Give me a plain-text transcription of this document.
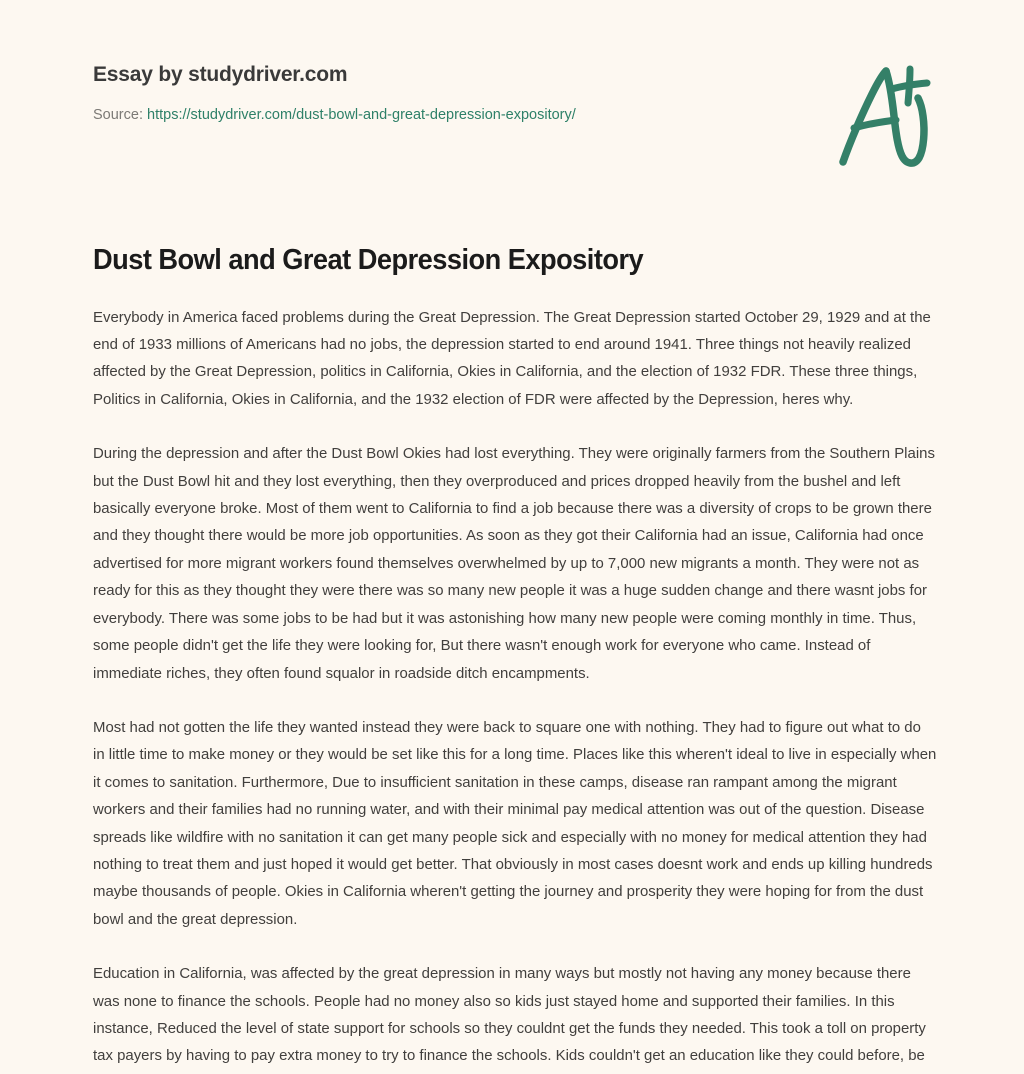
Essay by studydriver.com
Source: https://studydriver.com/dust-bowl-and-great-depression-expository/
Dust Bowl and Great Depression Expository

Everybody in America faced problems during the Great Depression. The Great Depression started October 29, 1929 and at the end of 1933 millions of Americans had no jobs, the depression started to end around 1941. Three things not heavily realized affected by the Great Depression, politics in California, Okies in California, and the election of 1932 FDR. These three things, Politics in California, Okies in California, and the 1932 election of FDR were affected by the Depression, heres why.

During the depression and after the Dust Bowl Okies had lost everything. They were originally farmers from the Southern Plains but the Dust Bowl hit and they lost everything, then they overproduced and prices dropped heavily from the bushel and left basically everyone broke. Most of them went to California to find a job because there was a diversity of crops to be grown there and they thought there would be more job opportunities. As soon as they got their California had an issue, California had once advertised for more migrant workers found themselves overwhelmed by up to 7,000 new migrants a month. They were not as ready for this as they thought they were there was so many new people it was a huge sudden change and there wasnt jobs for everybody. There was some jobs to be had but it was astonishing how many new people were coming monthly in time. Thus, some people didn't get the life they were looking for, But there wasn't enough work for everyone who came. Instead of immediate riches, they often found squalor in roadside ditch encampments.

Most had not gotten the life they wanted instead they were back to square one with nothing. They had to figure out what to do in little time to make money or they would be set like this for a long time. Places like this wheren't ideal to live in especially when it comes to sanitation. Furthermore, Due to insufficient sanitation in these camps, disease ran rampant among the migrant workers and their families had no running water, and with their minimal pay medical attention was out of the question. Disease spreads like wildfire with no sanitation it can get many people sick and especially with no money for medical attention they had nothing to treat them and just hoped it would get better. That obviously in most cases doesnt work and ends up killing hundreds maybe thousands of people. Okies in California wheren't getting the journey and prosperity they were hoping for from the dust bowl and the great depression.

Education in California, was affected by the great depression in many ways but mostly not having any money because there was none to finance the schools. People had no money also so kids just stayed home and supported their families. In this instance, Reduced the level of state support for schools so they couldnt get the funds they needed. This took a toll on property tax payers by having to pay extra money to try to finance the schools. Kids couldn't get an education like they could before, be
